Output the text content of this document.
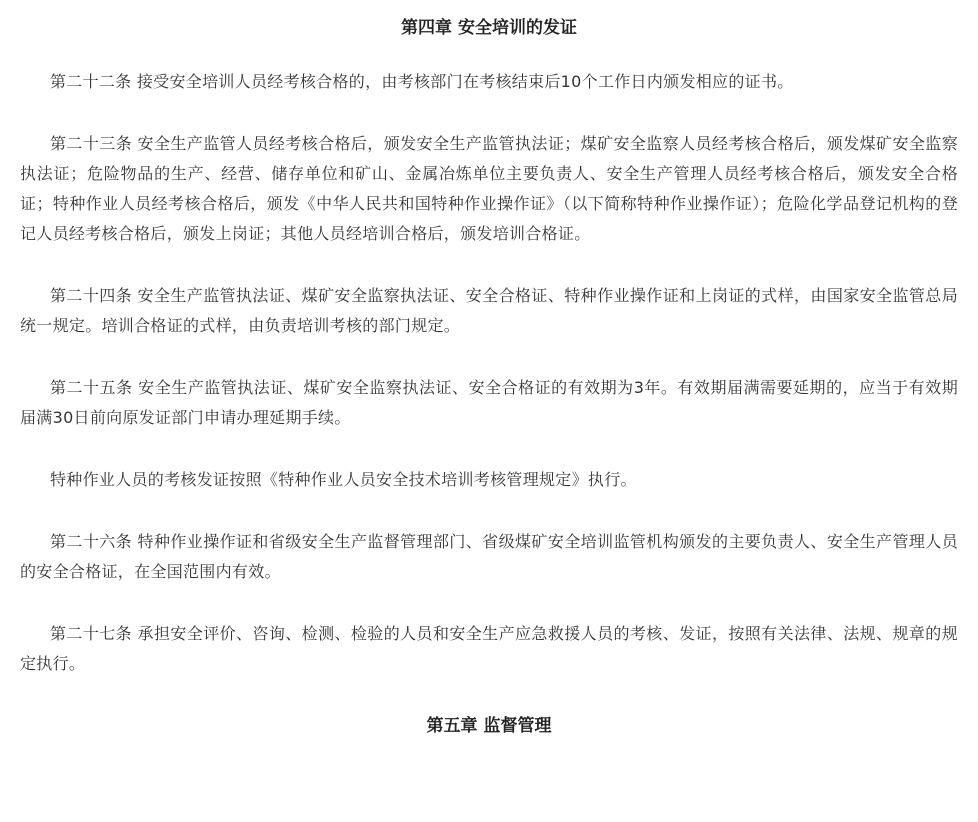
第四章 安全培训的发证

第二十二条 接受安全培训人员经考核合格的，由考核部门在考核结束后10个工作日内颁发相应的证书。

第二十三条 安全生产监管人员经考核合格后，颁发安全生产监管执法证；煤矿安全监察人员经考核合格后，颁发煤矿安全监察执法证；危险物品的生产、经营、储存单位和矿山、金属冶炼单位主要负责人、安全生产管理人员经考核合格后，颁发安全合格证；特种作业人员经考核合格后，颁发《中华人民共和国特种作业操作证》（以下简称特种作业操作证）；危险化学品登记机构的登记人员经考核合格后，颁发上岗证；其他人员经培训合格后，颁发培训合格证。

第二十四条 安全生产监管执法证、煤矿安全监察执法证、安全合格证、特种作业操作证和上岗证的式样，由国家安全监管总局统一规定。培训合格证的式样，由负责培训考核的部门规定。

第二十五条 安全生产监管执法证、煤矿安全监察执法证、安全合格证的有效期为3年。有效期届满需要延期的，应当于有效期届满30日前向原发证部门申请办理延期手续。

特种作业人员的考核发证按照《特种作业人员安全技术培训考核管理规定》执行。

第二十六条 特种作业操作证和省级安全生产监督管理部门、省级煤矿安全培训监管机构颁发的主要负责人、安全生产管理人员的安全合格证，在全国范围内有效。

第二十七条 承担安全评价、咨询、检测、检验的人员和安全生产应急救援人员的考核、发证，按照有关法律、法规、规章的规定执行。

第五章 监督管理
